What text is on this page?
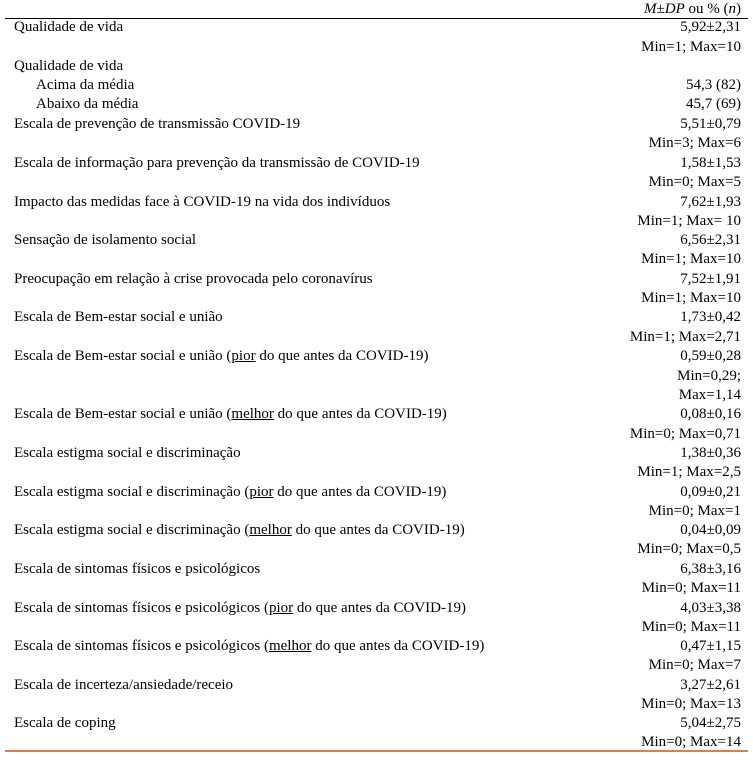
M±DP ou % (n)
Qualidade de vida	5,92±2,31
Min=1; Max=10
Qualidade de vida
Acima da média	54,3 (82)
Abaixo da média	45,7 (69)
Escala de prevenção de transmissão COVID-19	5,51±0,79
Min=3; Max=6
Escala de informação para prevenção da transmissão de COVID-19	1,58±1,53
Min=0; Max=5
Impacto das medidas face à COVID-19 na vida dos indivíduos	7,62±1,93
Min=1; Max= 10
Sensação de isolamento social	6,56±2,31
Min=1; Max=10
Preocupação em relação à crise provocada pelo coronavírus	7,52±1,91
Min=1; Max=10
Escala de Bem-estar social e união	1,73±0,42
Min=1; Max=2,71
Escala de Bem-estar social e união (pior do que antes da COVID-19)	0,59±0,28
Min=0,29;
Max=1,14
Escala de Bem-estar social e união (melhor do que antes da COVID-19)	0,08±0,16
Min=0; Max=0,71
Escala estigma social e discriminação	1,38±0,36
Min=1; Max=2,5
Escala estigma social e discriminação (pior do que antes da COVID-19)	0,09±0,21
Min=0; Max=1
Escala estigma social e discriminação (melhor do que antes da COVID-19)	0,04±0,09
Min=0; Max=0,5
Escala de sintomas físicos e psicológicos	6,38±3,16
Min=0; Max=11
Escala de sintomas físicos e psicológicos (pior do que antes da COVID-19)	4,03±3,38
Min=0; Max=11
Escala de sintomas físicos e psicológicos (melhor do que antes da COVID-19)	0,47±1,15
Min=0; Max=7
Escala de incerteza/ansiedade/receio	3,27±2,61
Min=0; Max=13
Escala de coping	5,04±2,75
Min=0; Max=14
